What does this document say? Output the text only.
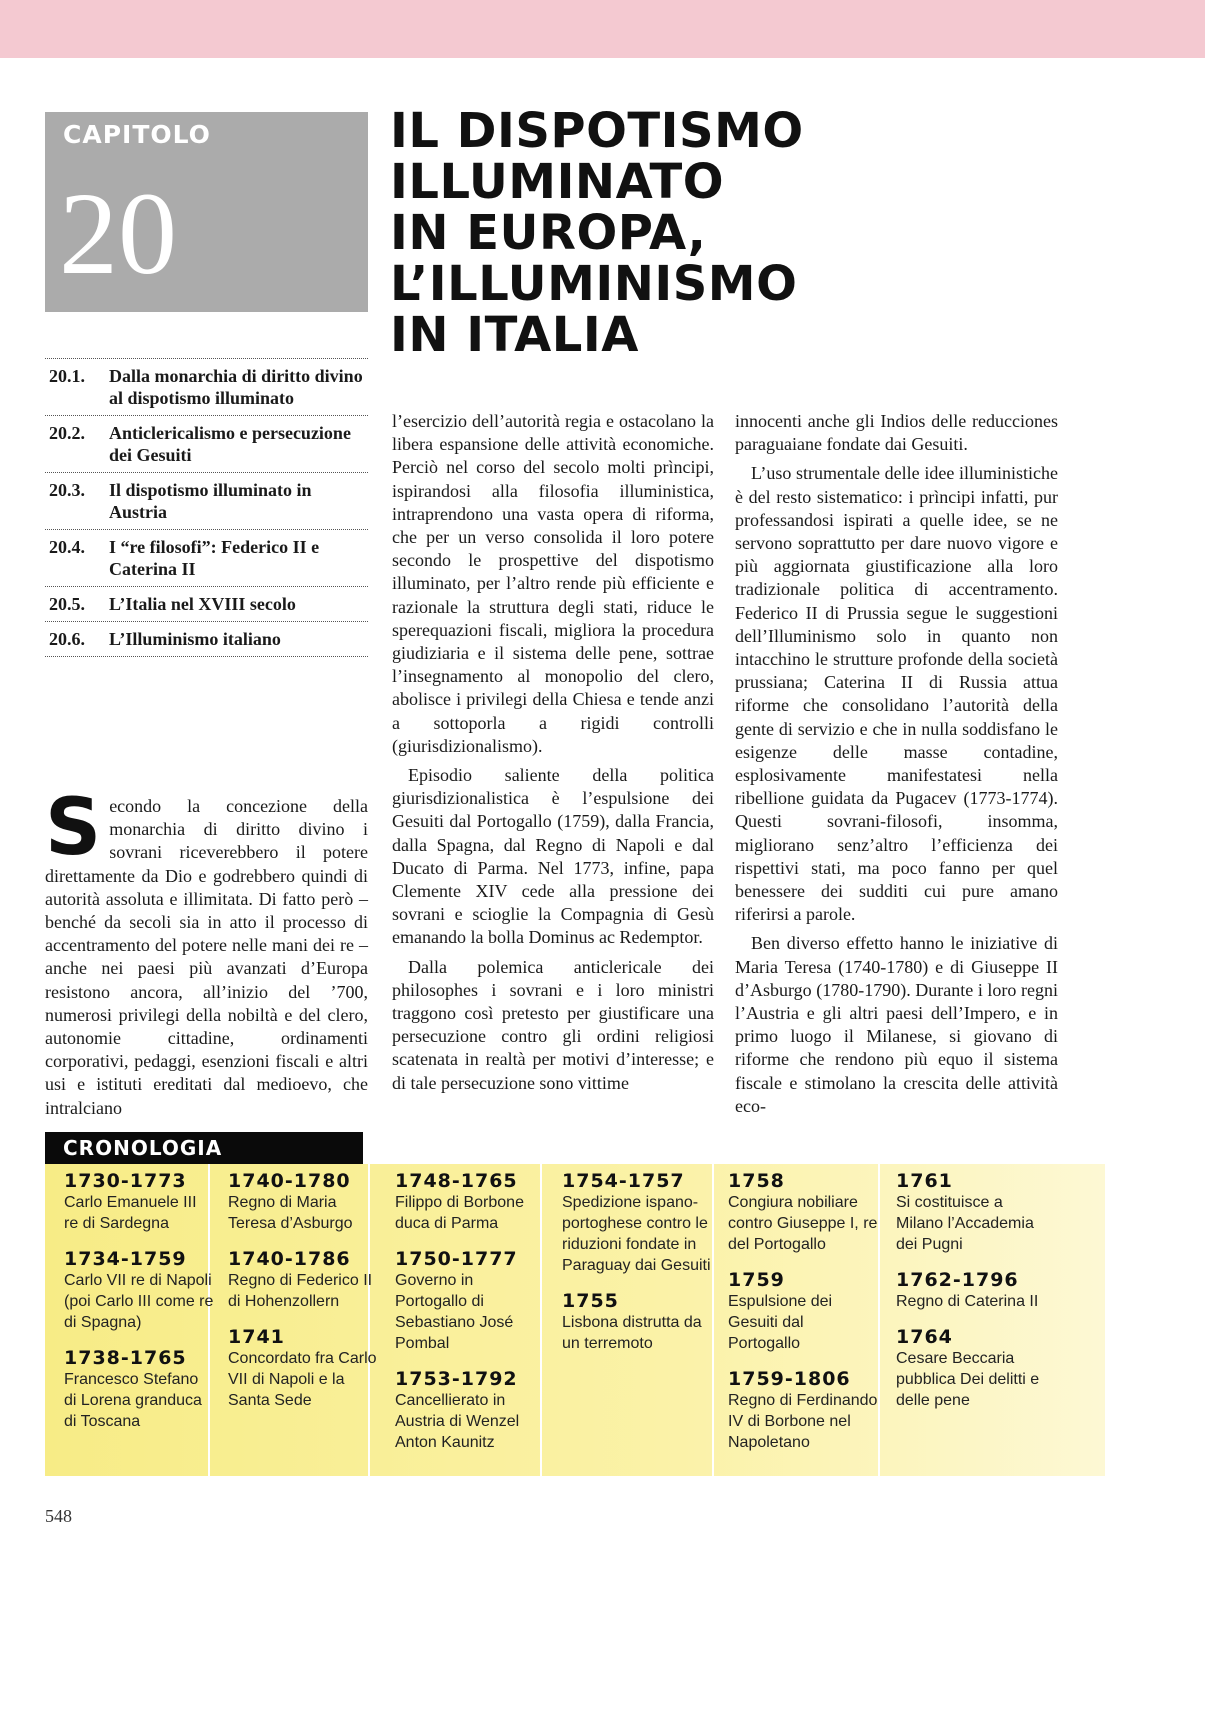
CAPITOLO
20
IL DISPOTISMO
ILLUMINATO
IN EUROPA,
L’ILLUMINISMO
IN ITALIA
20.1.	Dalla monarchia di diritto divino al dispotismo illuminato
20.2.	Anticlericalismo e persecuzione dei Gesuiti
20.3.	Il dispotismo illuminato in Austria
20.4.	I “re filosofi”: Federico II e Caterina II
20.5.	L’Italia nel XVIII secolo
20.6.	L’Illuminismo italiano

Secondo la concezione della monarchia di diritto divino i sovrani riceverebbero il potere direttamente da Dio e godrebbero quindi di autorità assoluta e illimitata. Di fatto però – benché da secoli sia in atto il processo di accentramento del potere nelle mani dei re – anche nei paesi più avanzati d’Europa resistono ancora, all’inizio del ’700, numerosi privilegi della nobiltà e del clero, autonomie cittadine, ordinamenti corporativi, pedaggi, esenzioni fiscali e altri usi e istituti ereditati dal medioevo, che intralciano

l’esercizio dell’autorità regia e ostacolano la libera espansione delle attività economiche. Perciò nel corso del secolo molti prìncipi, ispirandosi alla filosofia illuministica, intraprendono una vasta opera di riforma, che per un verso consolida il loro potere secondo le prospettive del dispotismo illuminato, per l’altro rende più efficiente e razionale la struttura degli stati, riduce le sperequazioni fiscali, migliora la procedura giudiziaria e il sistema delle pene, sottrae l’insegnamento al monopolio del clero, abolisce i privilegi della Chiesa e tende anzi a sottoporla a rigidi controlli (giurisdizionalismo).

Episodio saliente della politica giurisdizionalistica è l’espulsione dei Gesuiti dal Portogallo (1759), dalla Francia, dalla Spagna, dal Regno di Napoli e dal Ducato di Parma. Nel 1773, infine, papa Clemente XIV cede alla pressione dei sovrani e scioglie la Compagnia di Gesù emanando la bolla Dominus ac Redemptor.

Dalla polemica anticlericale dei philosophes i sovrani e i loro ministri traggono così pretesto per giustificare una persecuzione contro gli ordini religiosi scatenata in realtà per motivi d’interesse; e di tale persecuzione sono vittime

innocenti anche gli Indios delle reducciones paraguaiane fondate dai Gesuiti.

L’uso strumentale delle idee illuministiche è del resto sistematico: i prìncipi infatti, pur professandosi ispirati a quelle idee, se ne servono soprattutto per dare nuovo vigore e più aggiornata giustificazione alla loro tradizionale politica di accentramento. Federico II di Prussia segue le suggestioni dell’Illuminismo solo in quanto non intacchino le strutture profonde della società prussiana; Caterina II di Russia attua riforme che consolidano l’autorità della gente di servizio e che in nulla soddisfano le esigenze delle masse contadine, esplosivamente manifestatesi nella ribellione guidata da Pugacev (1773-1774). Questi sovrani-filosofi, insomma, migliorano senz’altro l’efficienza dei rispettivi stati, ma poco fanno per quel benessere dei sudditi cui pure amano riferirsi a parole.

Ben diverso effetto hanno le iniziative di Maria Teresa (1740-1780) e di Giuseppe II d’Asburgo (1780-1790). Durante i loro regni l’Austria e gli altri paesi dell’Impero, e in primo luogo il Milanese, si giovano di riforme che rendono più equo il sistema fiscale e stimolano la crescita delle attività eco-

CRONOLOGIA
1730-1773
Carlo Emanuele III re di Sardegna
1734-1759
Carlo VII re di Napoli (poi Carlo III come re di Spagna)
1738-1765
Francesco Stefano di Lorena granduca di Toscana
1740-1780
Regno di Maria Teresa d’Asburgo
1740-1786
Regno di Federico II di Hohenzollern
1741
Concordato fra Carlo VII di Napoli e la Santa Sede
1748-1765
Filippo di Borbone duca di Parma
1750-1777
Governo in Portogallo di Sebastiano José Pombal
1753-1792
Cancellierato in Austria di Wenzel Anton Kaunitz
1754-1757
Spedizione ispano-portoghese contro le riduzioni fondate in Paraguay dai Gesuiti
1755
Lisbona distrutta da un terremoto
1758
Congiura nobiliare contro Giuseppe I, re del Portogallo
1759
Espulsione dei Gesuiti dal Portogallo
1759-1806
Regno di Ferdinando IV di Borbone nel Napoletano
1761
Si costituisce a Milano l’Accademia dei Pugni
1762-1796
Regno di Caterina II
1764
Cesare Beccaria pubblica Dei delitti e delle pene
548
